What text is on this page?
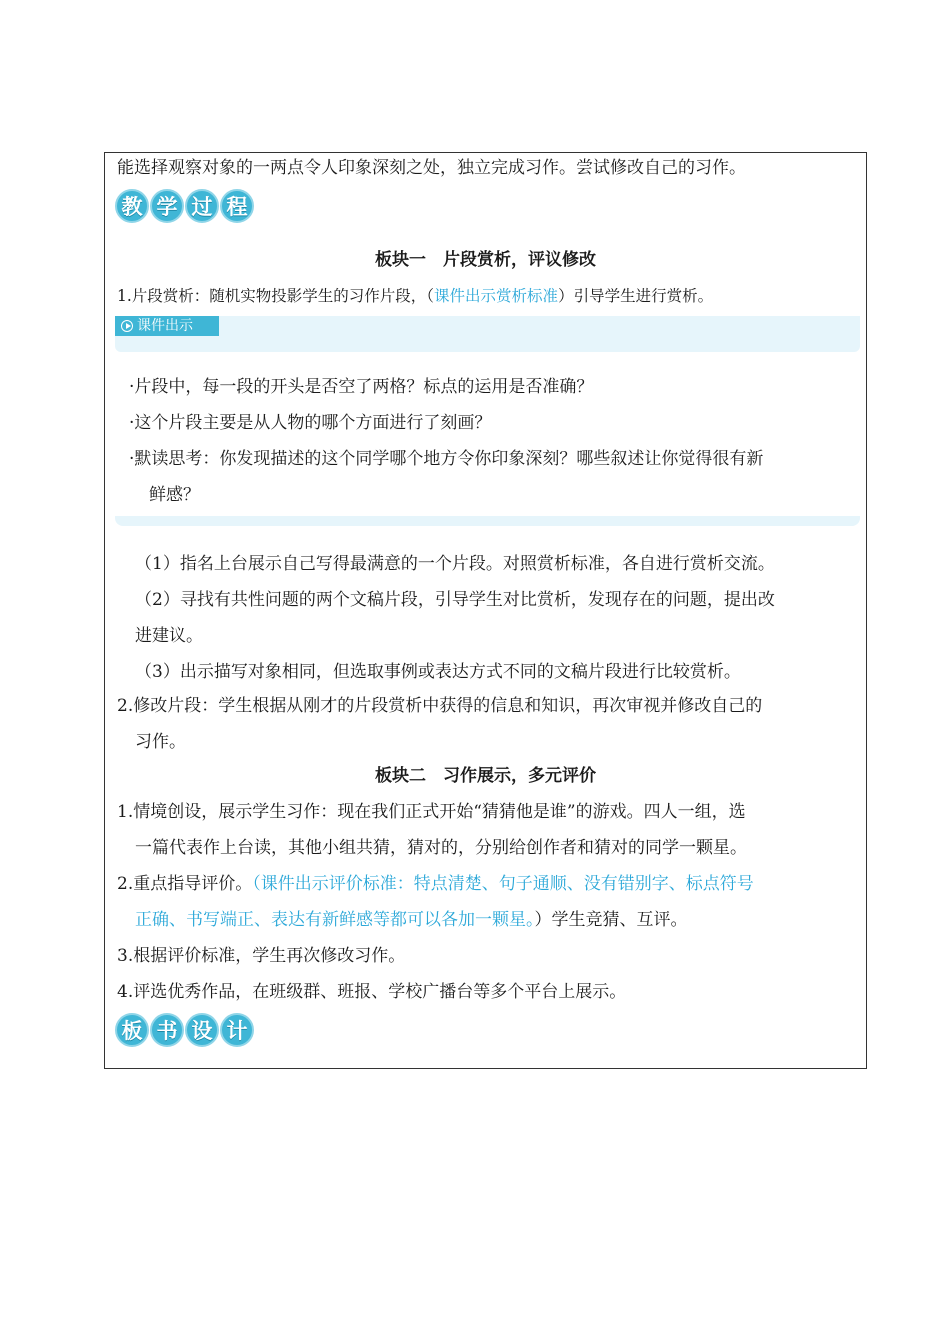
能选择观察对象的一两点令人印象深刻之处，独立完成习作。尝试修改自己的习作。
教 学 过 程
板块一　片段赏析，评议修改
1.片段赏析：随机实物投影学生的习作片段，（课件出示赏析标准）引导学生进行赏析。
课件出示
·片段中，每一段的开头是否空了两格？标点的运用是否准确？
·这个片段主要是从人物的哪个方面进行了刻画？
·默读思考：你发现描述的这个同学哪个地方令你印象深刻？哪些叙述让你觉得很有新
鲜感？
（1）指名上台展示自己写得最满意的一个片段。对照赏析标准，各自进行赏析交流。
（2）寻找有共性问题的两个文稿片段，引导学生对比赏析，发现存在的问题，提出改
进建议。
（3）出示描写对象相同，但选取事例或表达方式不同的文稿片段进行比较赏析。
2.修改片段：学生根据从刚才的片段赏析中获得的信息和知识，再次审视并修改自己的
习作。
板块二　习作展示，多元评价
1.情境创设，展示学生习作：现在我们正式开始“猜猜他是谁”的游戏。四人一组，选
一篇代表作上台读，其他小组共猜，猜对的，分别给创作者和猜对的同学一颗星。
2.重点指导评价。（课件出示评价标准：特点清楚、句子通顺、没有错别字、标点符号
正确、书写端正、表达有新鲜感等都可以各加一颗星。）学生竞猜、互评。
3.根据评价标准，学生再次修改习作。
4.评选优秀作品，在班级群、班报、学校广播台等多个平台上展示。
板 书 设 计
